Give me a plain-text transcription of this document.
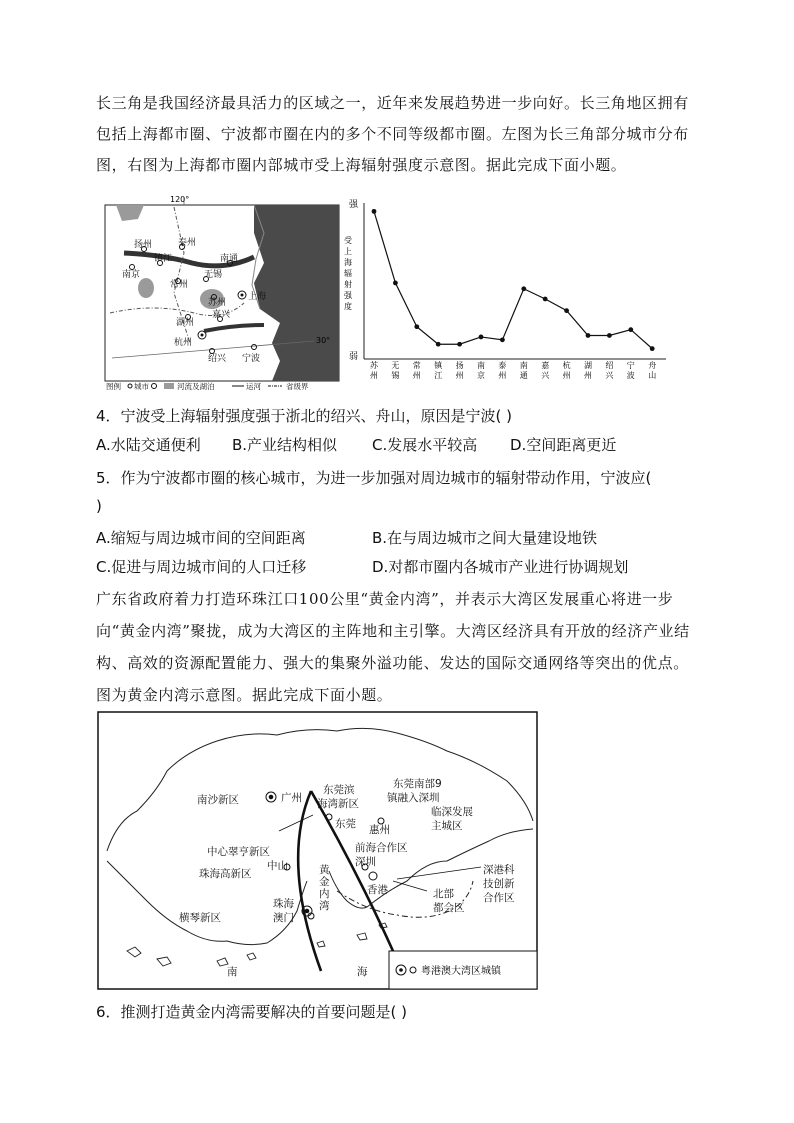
长三角是我国经济最具活力的区域之一，近年来发展趋势进一步向好。长三角地区拥有包括上海都市圈、宁波都市圈在内的多个不同等级都市圈。左图为长三角部分城市分布图，右图为上海都市圈内部城市受上海辐射强度示意图。据此完成下面小题。
120°
30°
扬州	泰州
南京
镇江	南通
常州
无锡
苏州
上海
湖州
嘉兴
杭州
绍兴 宁波
图例 城市	河流及湖泊	运河	省级界
强
弱
受
上
海
辐
射
强
度
苏
州
无
锡
常
州
镇
江
扬
州
南
京
泰
州
南
通
嘉
兴
杭
州
湖
州
绍
兴
宁
波
舟
山
4．宁波受上海辐射强度强于浙北的绍兴、舟山，原因是宁波( )
A.水陆交通便利 B.产业结构相似 C.发展水平较高 D.空间距离更近
5．作为宁波都市圈的核心城市，为进一步加强对周边城市的辐射带动作用，宁波应(
)
A.缩短与周边城市间的空间距离	B.在与周边城市之间大量建设地铁
C.促进与周边城市间的人口迁移	D.对都市圈内各城市产业进行协调规划
广东省政府着力打造环珠江口100公里“黄金内湾”，并表示大湾区发展重心将进一步向“黄金内湾”聚拢，成为大湾区的主阵地和主引擎。大湾区经济具有开放的经济产业结构、高效的资源配置能力、强大的集聚外溢功能、发达的国际交通网络等突出的优点。图为黄金内湾示意图。据此完成下面小题。
南沙新区	广州
东莞滨
海湾新区
东莞南部9
镇融入深圳
东莞 惠州
临深发展
主城区
中心翠亨新区
中山
前海合作区
深圳
珠海高新区	黄
金
内
湾
香港
深港科
技创新
合作区
横琴新区
珠海
澳门
北部
都会区
南	海	粤港澳大湾区城镇
6．推测打造黄金内湾需要解决的首要问题是( )
